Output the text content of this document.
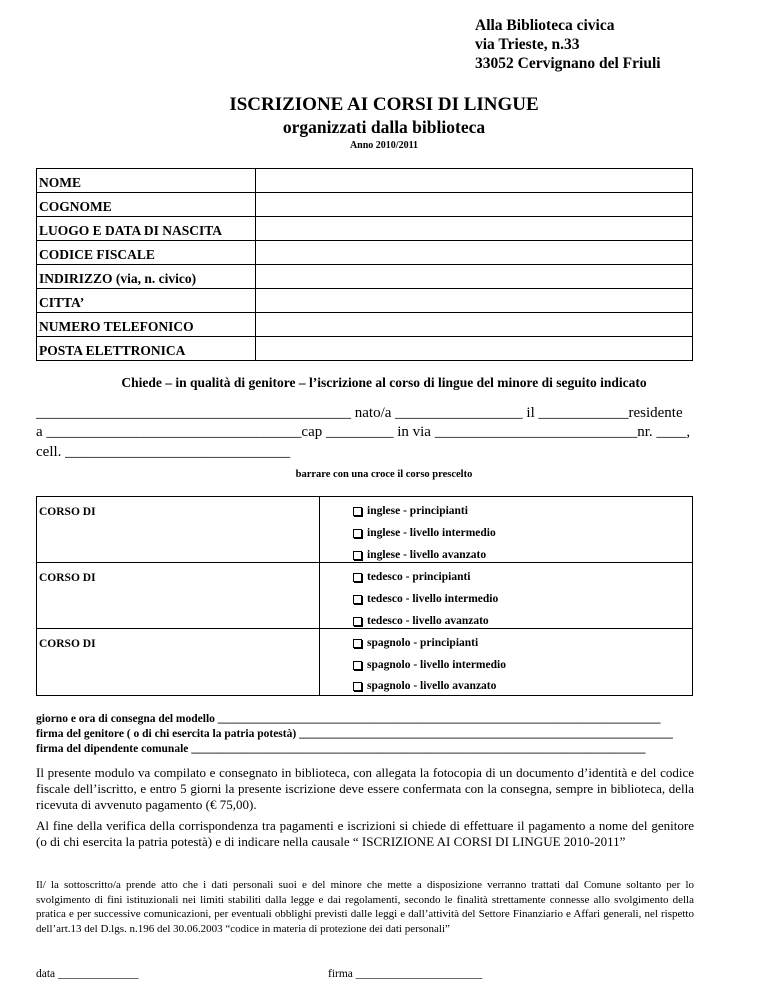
Alla Biblioteca civica
via Trieste, n.33
33052 Cervignano del Friuli
ISCRIZIONE AI CORSI DI LINGUE
organizzati dalla biblioteca
Anno 2010/2011
NOME	
COGNOME	
LUOGO E DATA DI NASCITA	
CODICE FISCALE	
INDIRIZZO (via, n. civico)	
CITTA’	
NUMERO TELEFONICO	
POSTA ELETTRONICA	
Chiede – in qualità di genitore – l’iscrizione al corso di lingue del minore di seguito indicato
__________________________________________ nato/a _________________ il ____________residente
a __________________________________cap _________ in via ___________________________nr. ____,
cell. ______________________________
barrare con una croce il corso prescelto
CORSO DI	inglese - principianti
inglese - livello intermedio
inglese - livello avanzato
CORSO DI	tedesco - principianti
tedesco - livello intermedio
tedesco - livello avanzato
CORSO DI	spagnolo - principianti
spagnolo - livello intermedio
spagnolo - livello avanzato
giorno e ora di consegna del modello _____________________________________________________________________________
firma del genitore ( o di chi esercita la patria potestà) _________________________________________________________________
firma del dipendente comunale _______________________________________________________________________________
Il presente modulo va compilato e consegnato in biblioteca, con allegata la fotocopia di un documento d’identità e del codice fiscale dell’iscritto, e entro 5 giorni la presente iscrizione deve essere confermata con la consegna, sempre in biblioteca, della ricevuta di avvenuto pagamento (€ 75,00).
Al fine della verifica della corrispondenza tra pagamenti e iscrizioni si chiede di effettuare il pagamento a nome del genitore (o di chi esercita la patria potestà) e di indicare nella causale “ ISCRIZIONE AI CORSI DI LINGUE 2010-2011”
Il/ la sottoscritto/a prende atto che i dati personali suoi e del minore che mette a disposizione verranno trattati dal Comune soltanto per lo svolgimento di fini istituzionali nei limiti stabiliti dalla legge e dai regolamenti, secondo le finalità strettamente connesse allo svolgimento della pratica e per successive comunicazioni, per eventuali obblighi previsti dalle leggi e dall’attività del Settore Finanziario e Affari generali, nel rispetto dell’art.13 del D.lgs. n.196 del 30.06.2003 “codice in materia di protezione dei dati personali”
data ______________	firma ______________________
